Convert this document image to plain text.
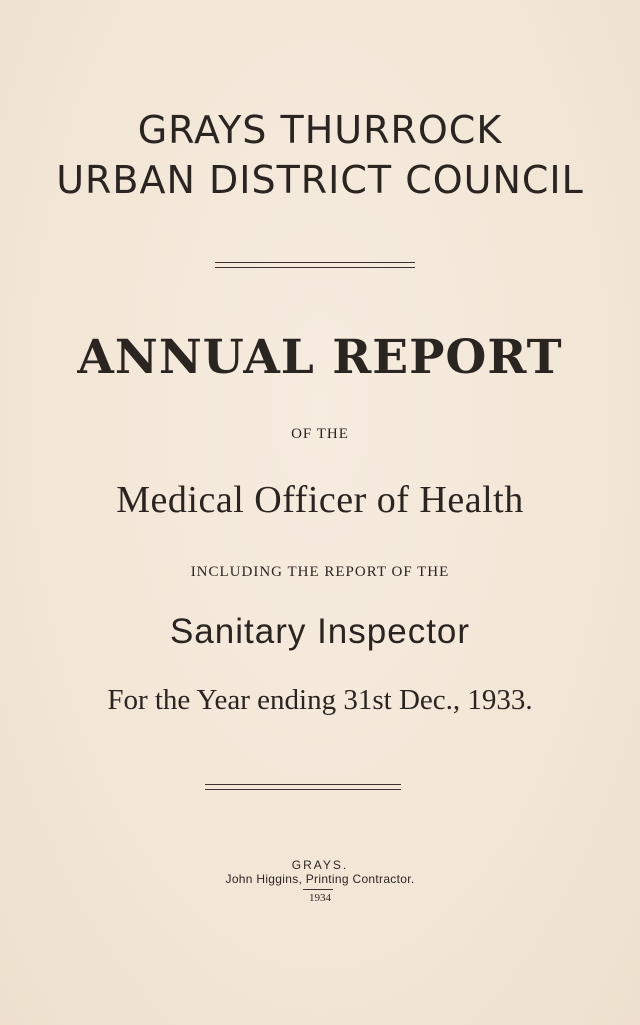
GRAYS THURROCK
URBAN DISTRICT COUNCIL
ANNUAL REPORT
OF THE
Medical Officer of Health
INCLUDING THE REPORT OF THE
Sanitary Inspector
For the Year ending 31st Dec., 1933.
GRAYS.
John Higgins, Printing Contractor.
1934
